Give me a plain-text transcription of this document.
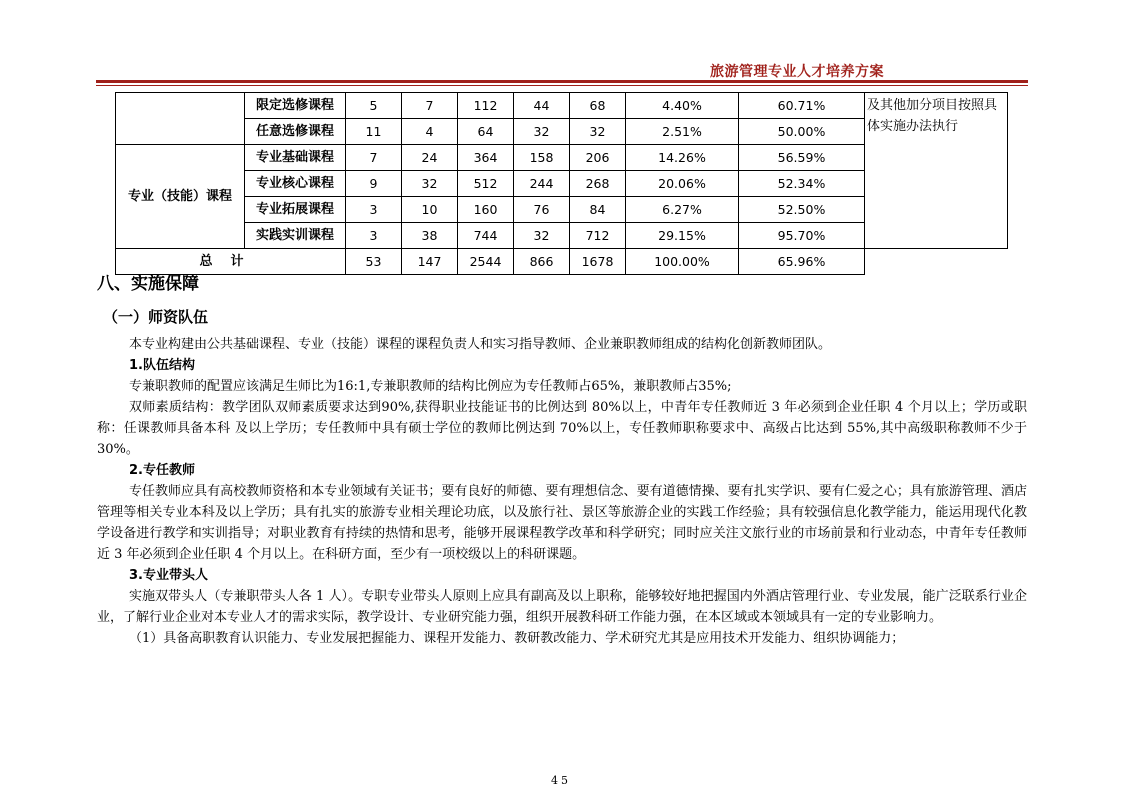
旅游管理专业人才培养方案
	限定选修课程	5	7	112	44	68	4.40%	60.71%	及其他加分项目按照具体实施办法执行
	任意选修课程	11	4	64	32	32	2.51%	50.00%	
专业（技能）课程	专业基础课程	7	24	364	158	206	14.26%	56.59%	
	专业核心课程	9	32	512	244	268	20.06%	52.34%	
	专业拓展课程	3	10	160	76	84	6.27%	52.50%	
	实践实训课程	3	38	744	32	712	29.15%	95.70%	
总计		53	147	2544	866	1678	100.00%	65.96%	
八、实施保障
（一）师资队伍

本专业构建由公共基础课程、专业（技能）课程的课程负责人和实习指导教师、企业兼职教师组成的结构化创新教师团队。

1.队伍结构

专兼职教师的配置应该满足生师比为16:1,专兼职教师的结构比例应为专任教师占65%，兼职教师占35%;

双师素质结构：教学团队双师素质要求达到90%,获得职业技能证书的比例达到 80%以上，中青年专任教师近 3 年必须到企业任职 4 个月以上；学历或职称：任课教师具备本科 及以上学历；专任教师中具有硕士学位的教师比例达到 70%以上，专任教师职称要求中、高级占比达到 55%,其中高级职称教师不少于 30%。

2.专任教师

专任教师应具有高校教师资格和本专业领域有关证书；要有良好的师德、要有理想信念、要有道德情操、要有扎实学识、要有仁爱之心；具有旅游管理、酒店管理等相关专业本科及以上学历；具有扎实的旅游专业相关理论功底，以及旅行社、景区等旅游企业的实践工作经验；具有较强信息化教学能力，能运用现代化教学设备进行教学和实训指导；对职业教育有持续的热情和思考，能够开展课程教学改革和科学研究；同时应关注文旅行业的市场前景和行业动态，中青年专任教师近 3 年必须到企业任职 4 个月以上。在科研方面，至少有一项校级以上的科研课题。

3.专业带头人

实施双带头人（专兼职带头人各 1 人）。专职专业带头人原则上应具有副高及以上职称，能够较好地把握国内外酒店管理行业、专业发展，能广泛联系行业企业，了解行业企业对本专业人才的需求实际，教学设计、专业研究能力强，组织开展教科研工作能力强，在本区域或本领域具有一定的专业影响力。

（1）具备高职教育认识能力、专业发展把握能力、课程开发能力、教研教改能力、学术研究尤其是应用技术开发能力、组织协调能力；

45
